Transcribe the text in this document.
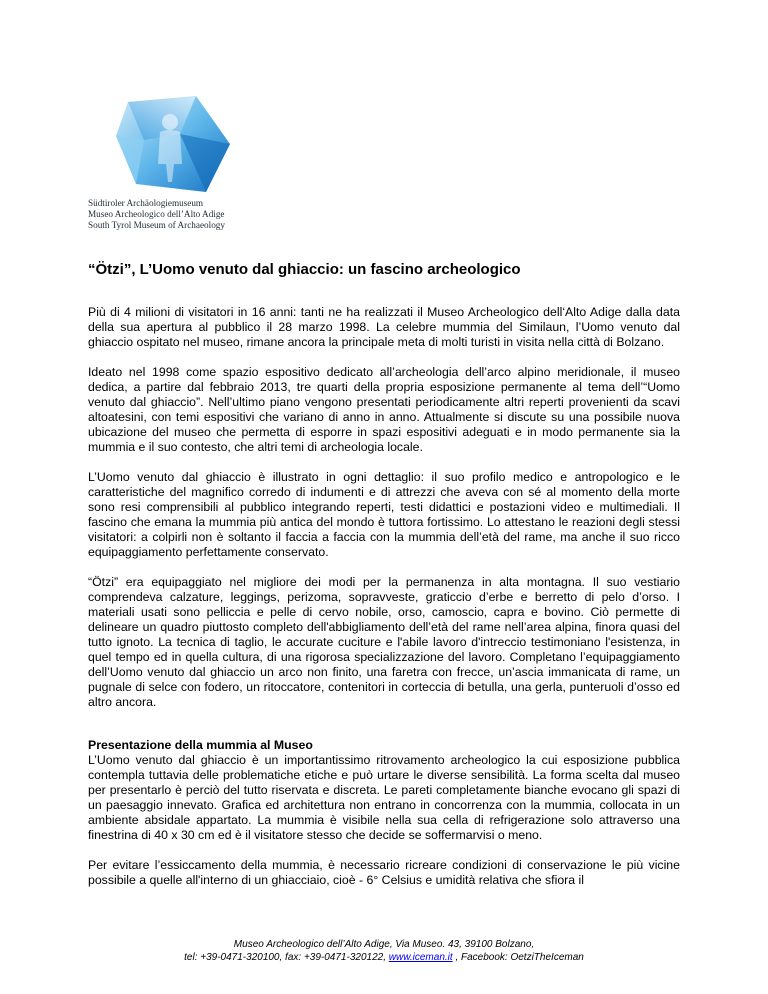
Südtiroler Archäologiemuseum
Museo Archeologico dell’Alto Adige
South Tyrol Museum of Archaeology
“Ötzi”, L’Uomo venuto dal ghiaccio: un fascino archeologico

Più di 4 milioni di visitatori in 16 anni: tanti ne ha realizzati il Museo Archeologico dell‘Alto Adige dalla data della sua apertura al pubblico il 28 marzo 1998. La celebre mummia del Similaun, l’Uomo venuto dal ghiaccio ospitato nel museo, rimane ancora la principale meta di molti turisti in visita nella città di Bolzano.

Ideato nel 1998 come spazio espositivo dedicato all’archeologia dell’arco alpino meridionale, il museo dedica, a partire dal febbraio 2013, tre quarti della propria esposizione permanente al tema dell’“Uomo venuto dal ghiaccio”. Nell’ultimo piano vengono presentati periodicamente altri reperti provenienti da scavi altoatesini, con temi espositivi che variano di anno in anno. Attualmente si discute su una possibile nuova ubicazione del museo che permetta di esporre in spazi espositivi adeguati e in modo permanente sia la mummia e il suo contesto, che altri temi di archeologia locale.

L’Uomo venuto dal ghiaccio è illustrato in ogni dettaglio: il suo profilo medico e antropologico e le caratteristiche del magnifico corredo di indumenti e di attrezzi che aveva con sé al momento della morte sono resi comprensibili al pubblico integrando reperti, testi didattici e postazioni video e multimediali. Il fascino che emana la mummia più antica del mondo è tuttora fortissimo. Lo attestano le reazioni degli stessi visitatori: a colpirli non è soltanto il faccia a faccia con la mummia dell’età del rame, ma anche il suo ricco equipaggiamento perfettamente conservato.

“Ötzi” era equipaggiato nel migliore dei modi per la permanenza in alta montagna. Il suo vestiario comprendeva calzature, leggings, perizoma, sopravveste, graticcio d’erbe e berretto di pelo d’orso. I materiali usati sono pelliccia e pelle di cervo nobile, orso, camoscio, capra e bovino. Ciò permette di delineare un quadro piuttosto completo dell'abbigliamento dell’età del rame nell’area alpina, finora quasi del tutto ignoto. La tecnica di taglio, le accurate cuciture e l'abile lavoro d'intreccio testimoniano l'esistenza, in quel tempo ed in quella cultura, di una rigorosa specializzazione del lavoro. Completano l’equipaggiamento dell’Uomo venuto dal ghiaccio un arco non finito, una faretra con frecce, un’ascia immanicata di rame, un pugnale di selce con fodero, un ritoccatore, contenitori in corteccia di betulla, una gerla, punteruoli d’osso ed altro ancora.

Presentazione della mummia al Museo
L’Uomo venuto dal ghiaccio è un importantissimo ritrovamento archeologico la cui esposizione pubblica contempla tuttavia delle problematiche etiche e può urtare le diverse sensibilità. La forma scelta dal museo per presentarlo è perciò del tutto riservata e discreta. Le pareti completamente bianche evocano gli spazi di un paesaggio innevato. Grafica ed architettura non entrano in concorrenza con la mummia, collocata in un ambiente absidale appartato. La mummia è visibile nella sua cella di refrigerazione solo attraverso una finestrina di 40 x 30 cm ed è il visitatore stesso che decide se soffermarvisi o meno.

Per evitare l’essiccamento della mummia, è necessario ricreare condizioni di conservazione le più vicine possibile a quelle all'interno di un ghiacciaio, cioè - 6° Celsius e umidità relativa che sfiora il

Museo Archeologico dell’Alto Adige, Via Museo. 43, 39100 Bolzano,
tel: +39-0471-320100, fax: +39-0471-320122, www.iceman.it , Facebook: OetziTheIceman
